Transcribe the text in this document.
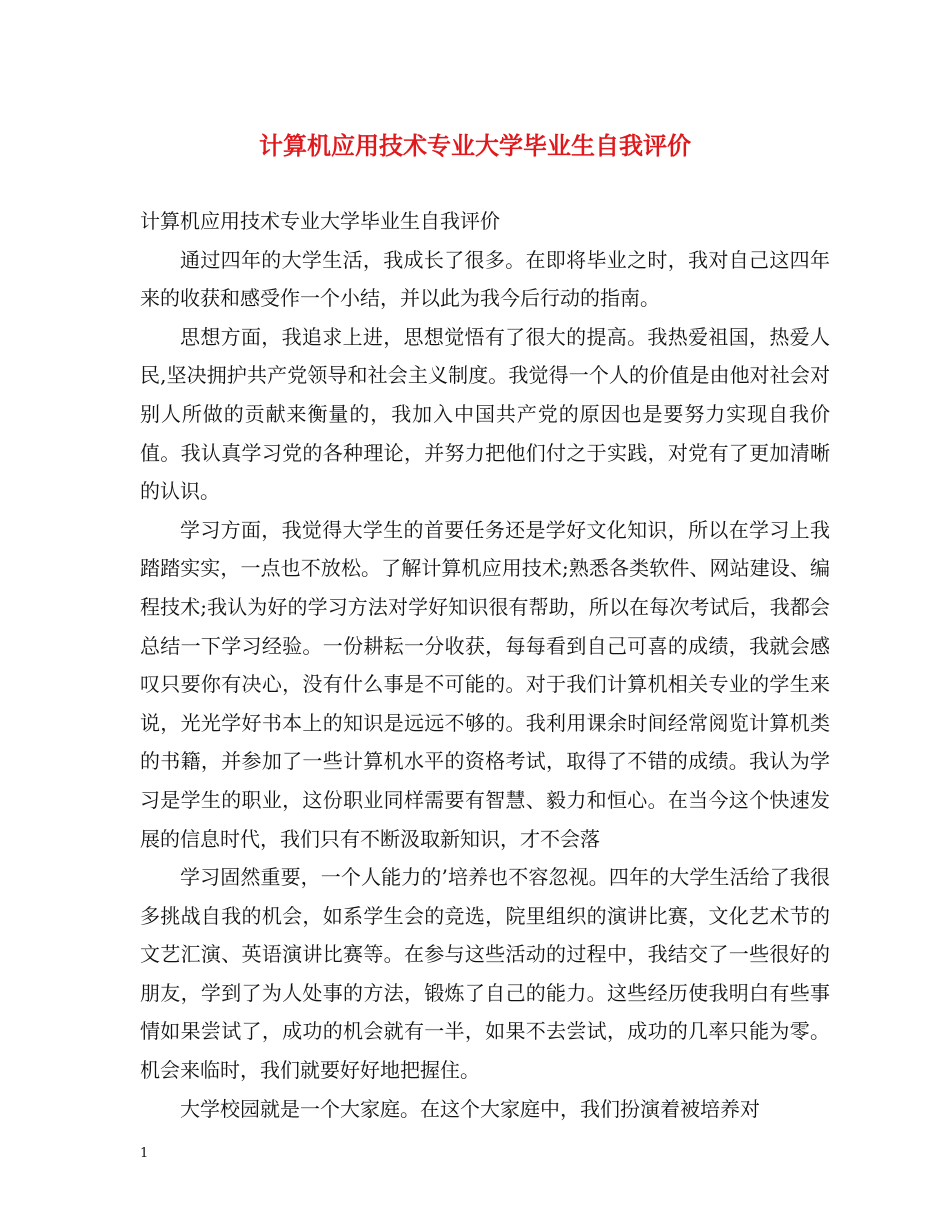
计算机应用技术专业大学毕业生自我评价

计算机应用技术专业大学毕业生自我评价

通过四年的大学生活，我成长了很多。在即将毕业之时，我对自己这四年来的收获和感受作一个小结，并以此为我今后行动的指南。

思想方面，我追求上进，思想觉悟有了很大的提高。我热爱祖国，热爱人民,坚决拥护共产党领导和社会主义制度。我觉得一个人的价值是由他对社会对别人所做的贡献来衡量的，我加入中国共产党的原因也是要努力实现自我价值。我认真学习党的各种理论，并努力把他们付之于实践，对党有了更加清晰的认识。

学习方面，我觉得大学生的首要任务还是学好文化知识，所以在学习上我踏踏实实，一点也不放松。了解计算机应用技术;熟悉各类软件、网站建设、编程技术;我认为好的学习方法对学好知识很有帮助，所以在每次考试后，我都会总结一下学习经验。一份耕耘一分收获，每每看到自己可喜的成绩，我就会感叹只要你有决心，没有什么事是不可能的。对于我们计算机相关专业的学生来说，光光学好书本上的知识是远远不够的。我利用课余时间经常阅览计算机类的书籍，并参加了一些计算机水平的资格考试，取得了不错的成绩。我认为学习是学生的职业，这份职业同样需要有智慧、毅力和恒心。在当今这个快速发展的信息时代，我们只有不断汲取新知识，才不会落

学习固然重要，一个人能力的’培养也不容忽视。四年的大学生活给了我很多挑战自我的机会，如系学生会的竞选，院里组织的演讲比赛，文化艺术节的文艺汇演、英语演讲比赛等。在参与这些活动的过程中，我结交了一些很好的朋友，学到了为人处事的方法，锻炼了自己的能力。这些经历使我明白有些事情如果尝试了，成功的机会就有一半，如果不去尝试，成功的几率只能为零。机会来临时，我们就要好好地把握住。

大学校园就是一个大家庭。在这个大家庭中，我们扮演着被培养对

1
